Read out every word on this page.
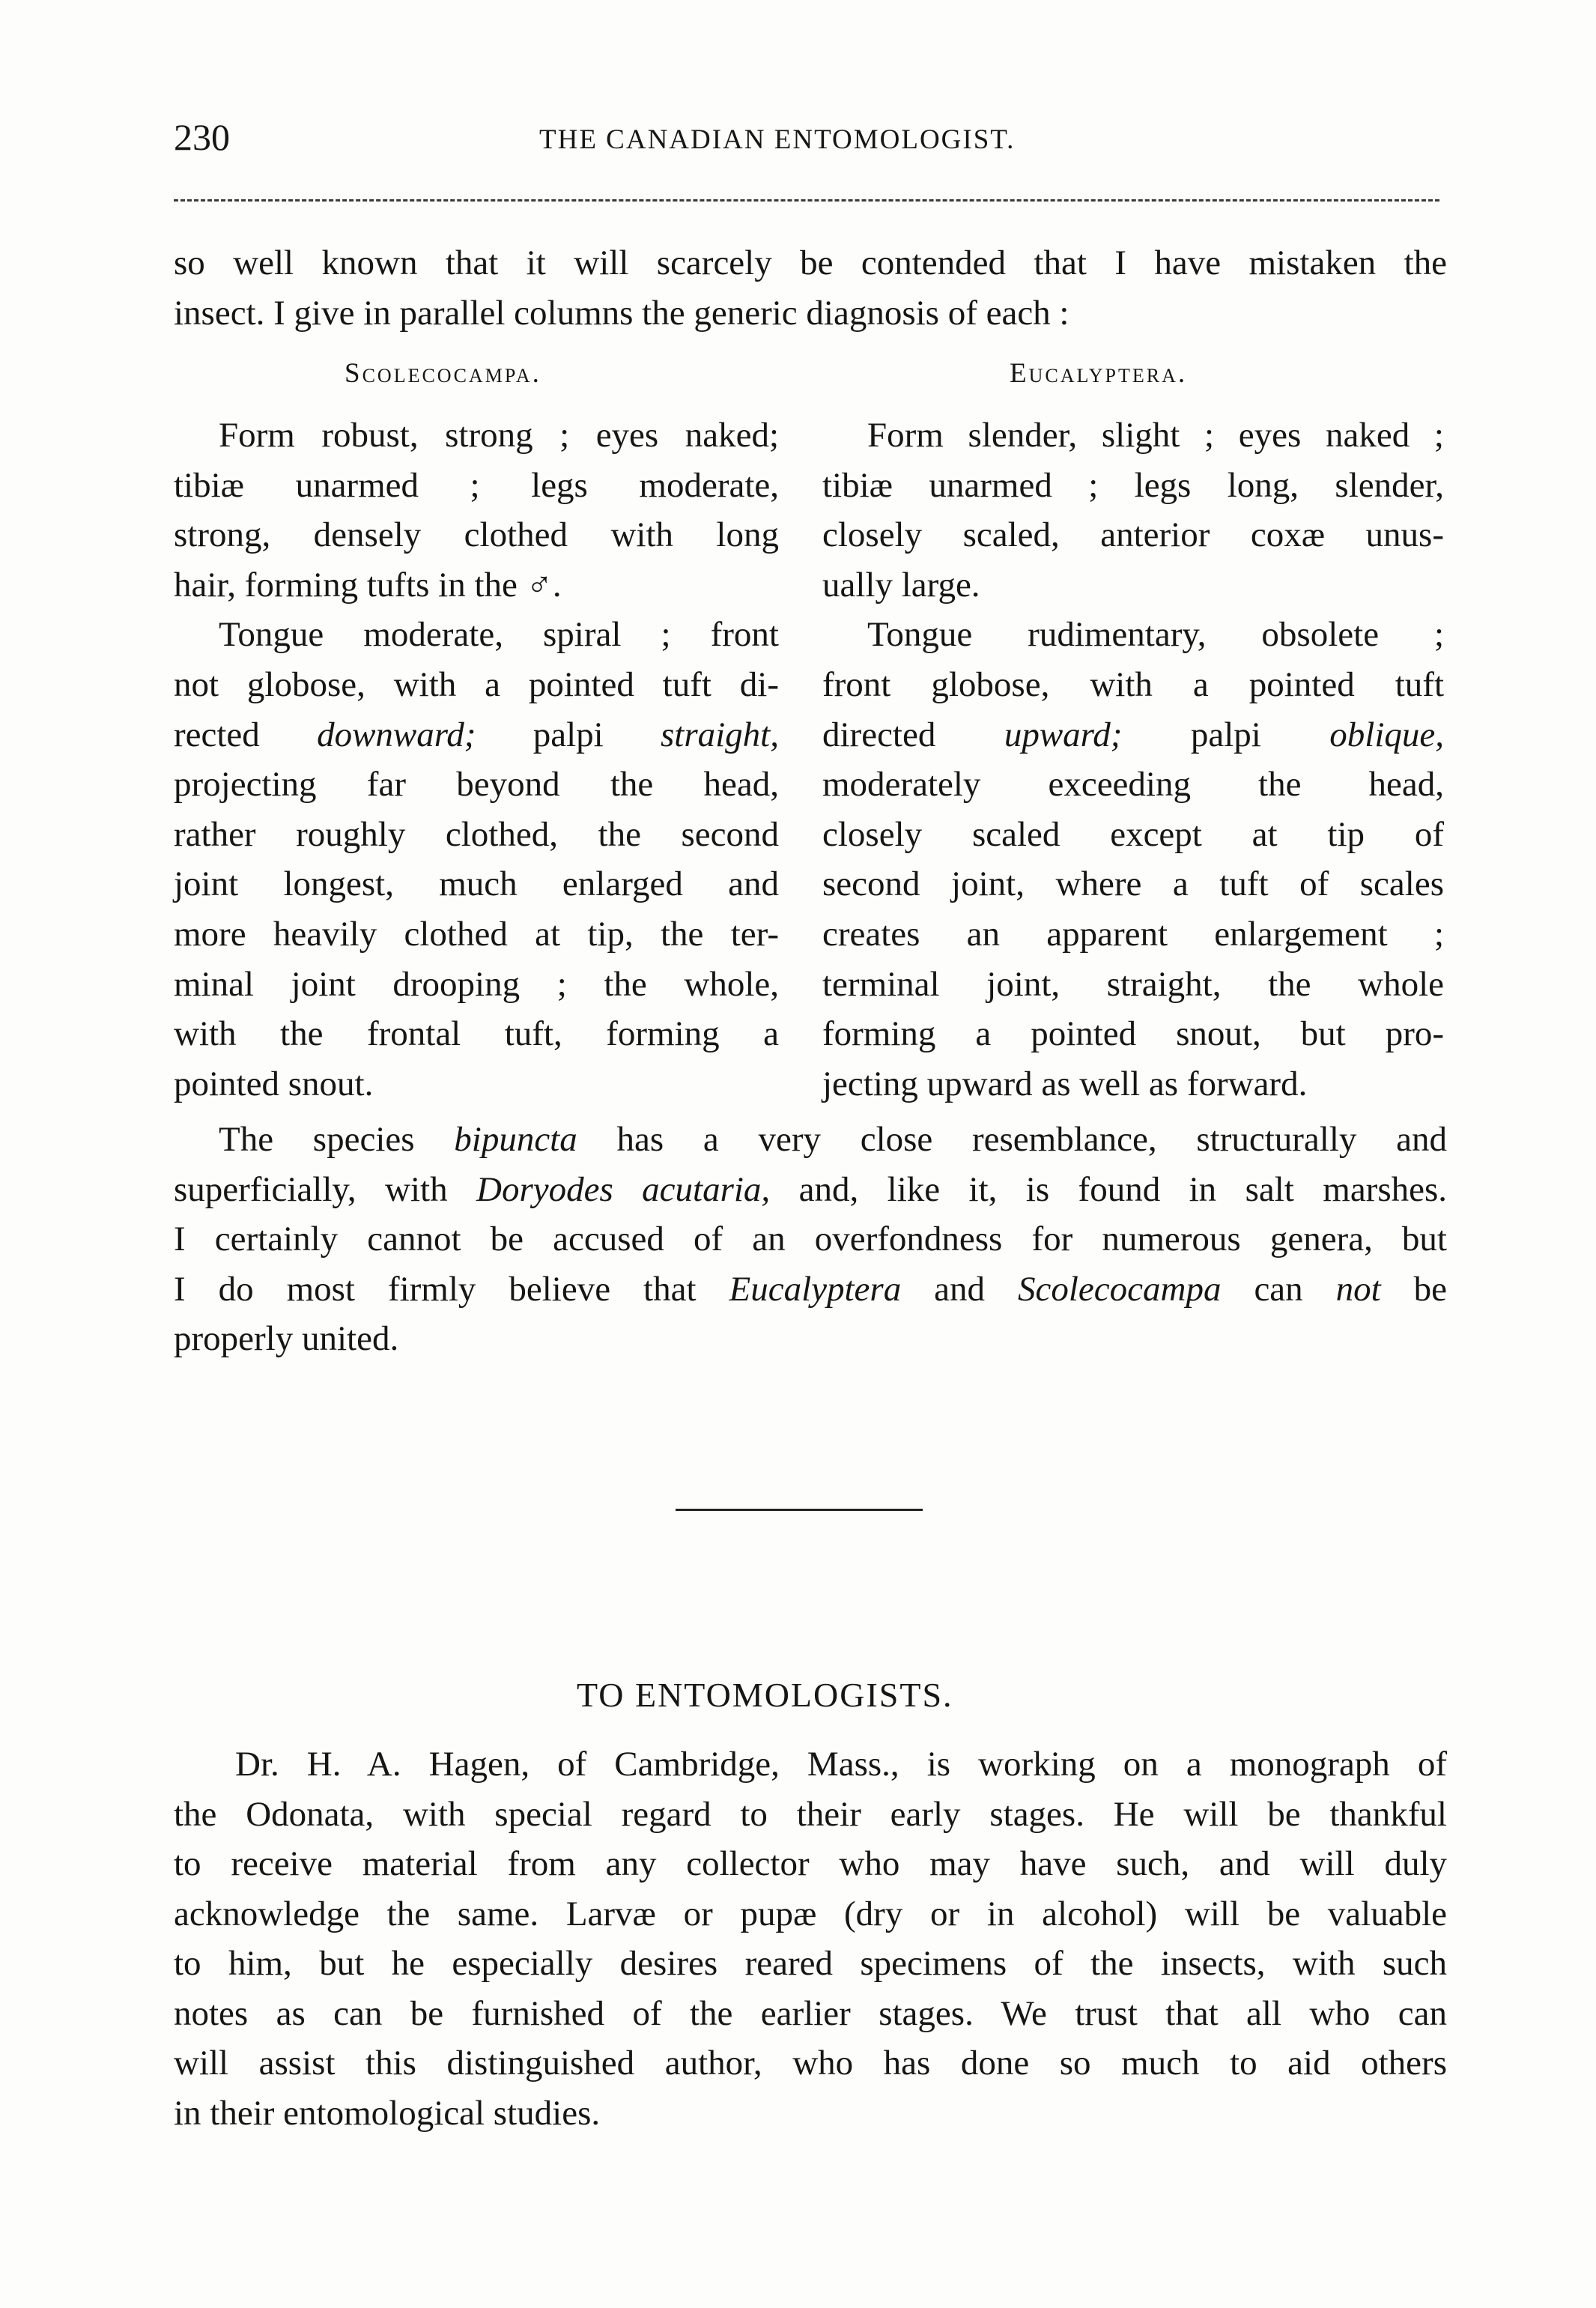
230	THE CANADIAN ENTOMOLOGIST.

so well known that it will scarcely be contended that I have mistaken the
insect. I give in parallel columns the generic diagnosis of each :

Scolecocampa.	Eucalyptera.
Form robust, strong ; eyes naked;
tibiæ unarmed ; legs moderate,
strong, densely clothed with long
hair, forming tufts in the ♂.
Tongue moderate, spiral ; front
not globose, with a pointed tuft di-
rected downward; palpi straight,
projecting far beyond the head,
rather roughly clothed, the second
joint longest, much enlarged and
more heavily clothed at tip, the ter-
minal joint drooping ; the whole,
with the frontal tuft, forming a
pointed snout.
Form slender, slight ; eyes naked ;
tibiæ unarmed ; legs long, slender,
closely scaled, anterior coxæ unus-
ually large.
Tongue rudimentary, obsolete ;
front globose, with a pointed tuft
directed upward; palpi oblique,
moderately exceeding the head,
closely scaled except at tip of
second joint, where a tuft of scales
creates an apparent enlargement ;
terminal joint, straight, the whole
forming a pointed snout, but pro-
jecting upward as well as forward.

The species bipuncta has a very close resemblance, structurally and
superficially, with Doryodes acutaria, and, like it, is found in salt marshes.
I certainly cannot be accused of an overfondness for numerous genera, but
I do most firmly believe that Eucalyptera and Scolecocampa can not be
properly united.

TO ENTOMOLOGISTS.

Dr. H. A. Hagen, of Cambridge, Mass., is working on a monograph of
the Odonata, with special regard to their early stages. He will be thankful
to receive material from any collector who may have such, and will duly
acknowledge the same. Larvæ or pupæ (dry or in alcohol) will be valuable
to him, but he especially desires reared specimens of the insects, with such
notes as can be furnished of the earlier stages. We trust that all who can
will assist this distinguished author, who has done so much to aid others
in their entomological studies.
